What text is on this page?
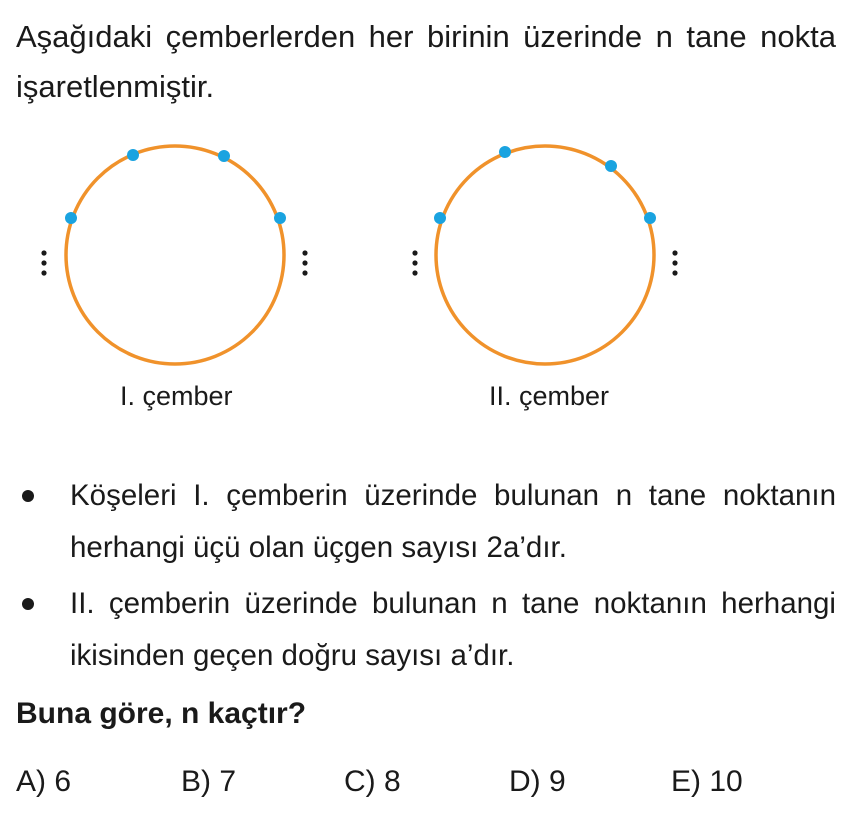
Aşağıdaki çemberlerden her birinin üzerinde n tane nokta işaretlenmiştir.

I. çember	II. çember
Köşeleri I. çemberin üzerinde bulunan n tane noktanın herhangi üçü olan üçgen sayısı 2a’dır.
II. çemberin üzerinde bulunan n tane noktanın herhangi ikisinden geçen doğru sayısı a’dır.

Buna göre, n kaçtır?

A) 6	B) 7	C) 8	D) 9	E) 10
